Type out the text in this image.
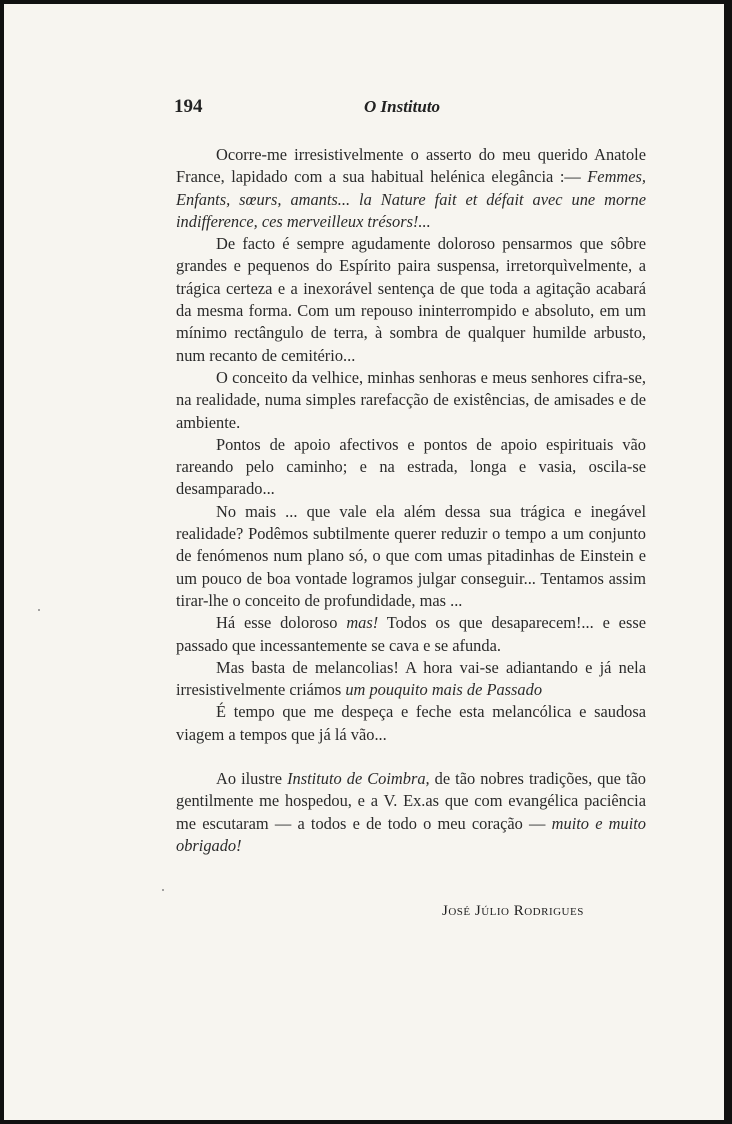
194	O Instituto

Ocorre-me irresistivelmente o asserto do meu querido Anatole France, lapidado com a sua habitual helénica elegância :— Femmes, Enfants, sœurs, amants... la Nature fait et défait avec une morne indifference, ces merveilleux trésors!...

De facto é sempre agudamente doloroso pensarmos que sôbre grandes e pequenos do Espírito paira suspensa, irretorquìvelmente, a trágica certeza e a inexorável sentença de que toda a agitação acabará da mesma forma. Com um repouso ininterrompido e absoluto, em um mínimo rectângulo de terra, à sombra de qualquer humilde arbusto, num recanto de cemitério...

O conceito da velhice, minhas senhoras e meus senhores cifra-se, na realidade, numa simples rarefacção de existências, de amisades e de ambiente.

Pontos de apoio afectivos e pontos de apoio espirituais vão rareando pelo caminho; e na estrada, longa e vasia, oscila-se desamparado...

No mais ... que vale ela além dessa sua trágica e inegável realidade? Podêmos subtilmente querer reduzir o tempo a um conjunto de fenómenos num plano só, o que com umas pitadinhas de Einstein e um pouco de boa vontade logramos julgar conseguir... Tentamos assim tirar-lhe o conceito de profundidade, mas ...

Há esse doloroso mas! Todos os que desaparecem!... e esse passado que incessantemente se cava e se afunda.

Mas basta de melancolias! A hora vai-se adiantando e já nela irresistivelmente criámos um pouquito mais de Passado

É tempo que me despeça e feche esta melancólica e saudosa viagem a tempos que já lá vão...

Ao ilustre Instituto de Coimbra, de tão nobres tradições, que tão gentilmente me hospedou, e a V. Ex.as que com evangélica paciência me escutaram — a todos e de todo o meu coração — muito e muito obrigado!

José Júlio Rodrigues
